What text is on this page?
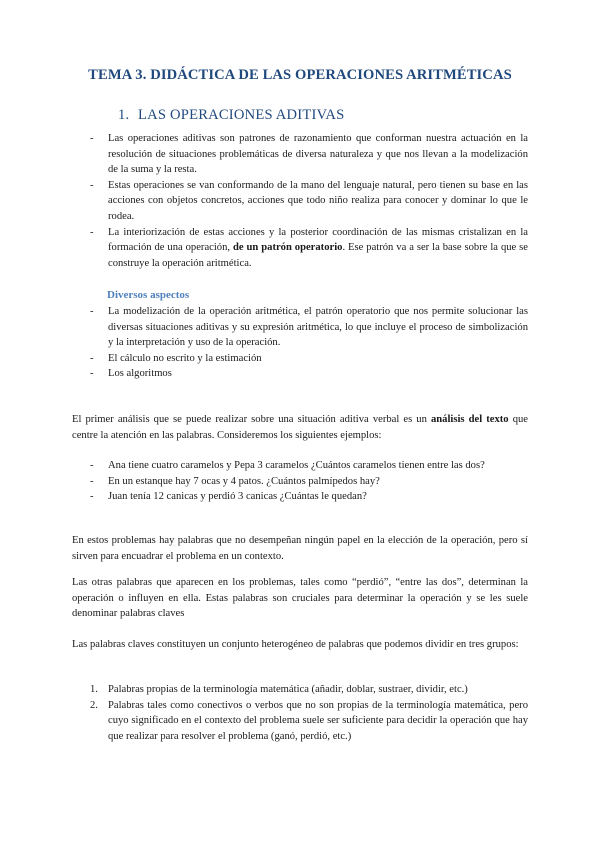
TEMA 3. DIDÁCTICA DE LAS OPERACIONES ARITMÉTICAS
1. LAS OPERACIONES ADITIVAS
- Las operaciones aditivas son patrones de razonamiento que conforman nuestra actuación en la resolución de situaciones problemáticas de diversa naturaleza y que nos llevan a la modelización de la suma y la resta.
- Estas operaciones se van conformando de la mano del lenguaje natural, pero tienen su base en las acciones con objetos concretos, acciones que todo niño realiza para conocer y dominar lo que le rodea.
- La interiorización de estas acciones y la posterior coordinación de las mismas cristalizan en la formación de una operación, de un patrón operatorio. Ese patrón va a ser la base sobre la que se construye la operación aritmética.
Diversos aspectos
- La modelización de la operación aritmética, el patrón operatorio que nos permite solucionar las diversas situaciones aditivas y su expresión aritmética, lo que incluye el proceso de simbolización y la interpretación y uso de la operación.
- El cálculo no escrito y la estimación
- Los algoritmos

El primer análisis que se puede realizar sobre una situación aditiva verbal es un análisis del texto que centre la atención en las palabras. Consideremos los siguientes ejemplos:

- Ana tiene cuatro caramelos y Pepa 3 caramelos ¿Cuántos caramelos tienen entre las dos?
- En un estanque hay 7 ocas y 4 patos. ¿Cuántos palmípedos hay?
- Juan tenía 12 canicas y perdió 3 canicas ¿Cuántas le quedan?

En estos problemas hay palabras que no desempeñan ningún papel en la elección de la operación, pero sí sirven para encuadrar el problema en un contexto.

Las otras palabras que aparecen en los problemas, tales como “perdió”, “entre las dos”, determinan la operación o influyen en ella. Estas palabras son cruciales para determinar la operación y se les suele denominar palabras claves

Las palabras claves constituyen un conjunto heterogéneo de palabras que podemos dividir en tres grupos:

1. Palabras propias de la terminología matemática (añadir, doblar, sustraer, dividir, etc.)
2. Palabras tales como conectivos o verbos que no son propias de la terminología matemática, pero cuyo significado en el contexto del problema suele ser suficiente para decidir la operación que hay que realizar para resolver el problema (ganó, perdió, etc.)
